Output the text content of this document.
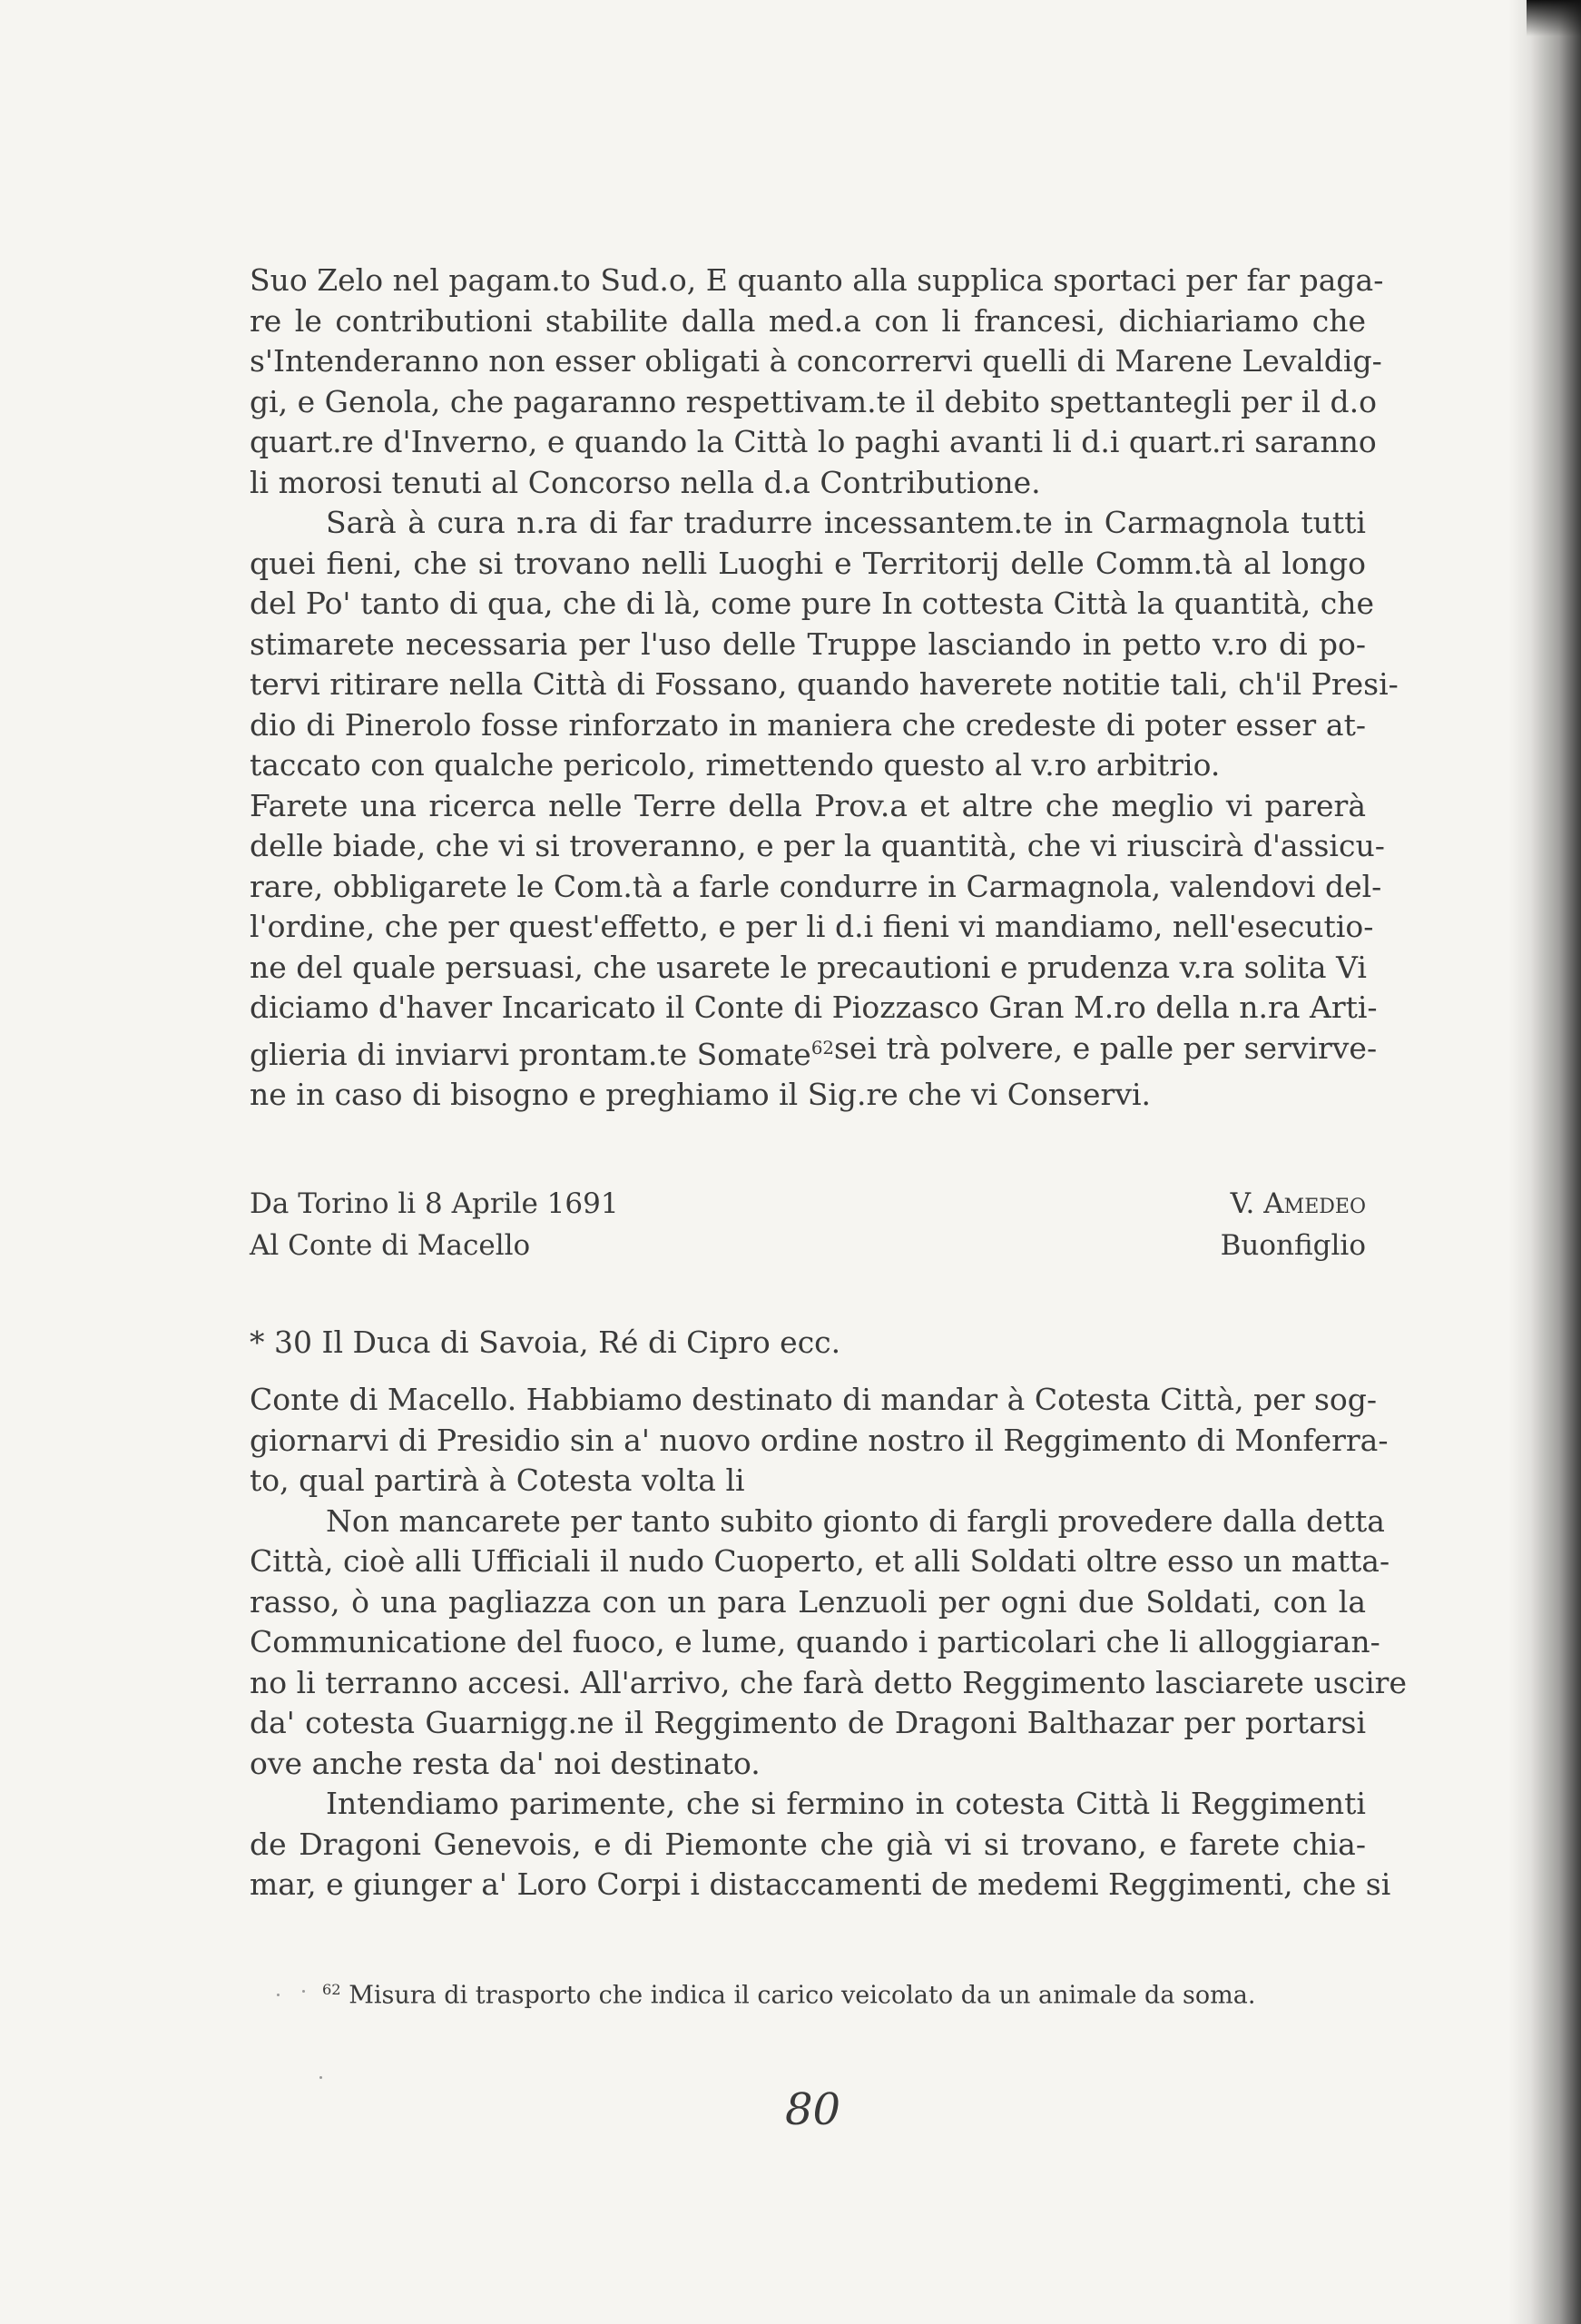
Suo Zelo nel pagam.to Sud.o, E quanto alla supplica sportaci per far paga-
re le contributioni stabilite dalla med.a con li francesi, dichiariamo che
s'Intenderanno non esser obligati à concorrervi quelli di Marene Levaldig-
gi, e Genola, che pagaranno respettivam.te il debito spettantegli per il d.o
quart.re d'Inverno, e quando la Città lo paghi avanti li d.i quart.ri saranno
li morosi tenuti al Concorso nella d.a Contributione.
Sarà à cura n.ra di far tradurre incessantem.te in Carmagnola tutti
quei fieni, che si trovano nelli Luoghi e Territorij delle Comm.tà al longo
del Po' tanto di qua, che di là, come pure In cottesta Città la quantità, che
stimarete necessaria per l'uso delle Truppe lasciando in petto v.ro di po-
tervi ritirare nella Città di Fossano, quando haverete notitie tali, ch'il Presi-
dio di Pinerolo fosse rinforzato in maniera che credeste di poter esser at-
taccato con qualche pericolo, rimettendo questo al v.ro arbitrio.
Farete una ricerca nelle Terre della Prov.a et altre che meglio vi parerà
delle biade, che vi si troveranno, e per la quantità, che vi riuscirà d'assicu-
rare, obbligarete le Com.tà a farle condurre in Carmagnola, valendovi del-
l'ordine, che per quest'effetto, e per li d.i fieni vi mandiamo, nell'esecutio-
ne del quale persuasi, che usarete le precautioni e prudenza v.ra solita Vi
diciamo d'haver Incaricato il Conte di Piozzasco Gran M.ro della n.ra Arti-
glieria di inviarvi prontam.te Somate$^{62}$ sei trà polvere, e palle per servirve-
ne in caso di bisogno e preghiamo il Sig.re che vi Conservi.
Da Torino li 8 Aprile 1691	V. Amedeo
Al Conte di Macello	Buonfiglio
* 30 Il Duca di Savoia, Ré di Cipro ecc.
Conte di Macello. Habbiamo destinato di mandar à Cotesta Città, per sog-
giornarvi di Presidio sin a' nuovo ordine nostro il Reggimento di Monferra-
to, qual partirà à Cotesta volta li
Non mancarete per tanto subito gionto di fargli provedere dalla detta
Città, cioè alli Ufficiali il nudo Cuoperto, et alli Soldati oltre esso un matta-
rasso, ò una pagliazza con un para Lenzuoli per ogni due Soldati, con la
Communicatione del fuoco, e lume, quando i particolari che li alloggiaran-
no li terranno accesi. All'arrivo, che farà detto Reggimento lasciarete uscire
da' cotesta Guarnigg.ne il Reggimento de Dragoni Balthazar per portarsi
ove anche resta da' noi destinato.
Intendiamo parimente, che si fermino in cotesta Città li Reggimenti
de Dragoni Genevois, e di Piemonte che già vi si trovano, e farete chia-
mar, e giunger a' Loro Corpi i distaccamenti de medemi Reggimenti, che si
$^{62}$ Misura di trasporto che indica il carico veicolato da un animale da soma.
80
